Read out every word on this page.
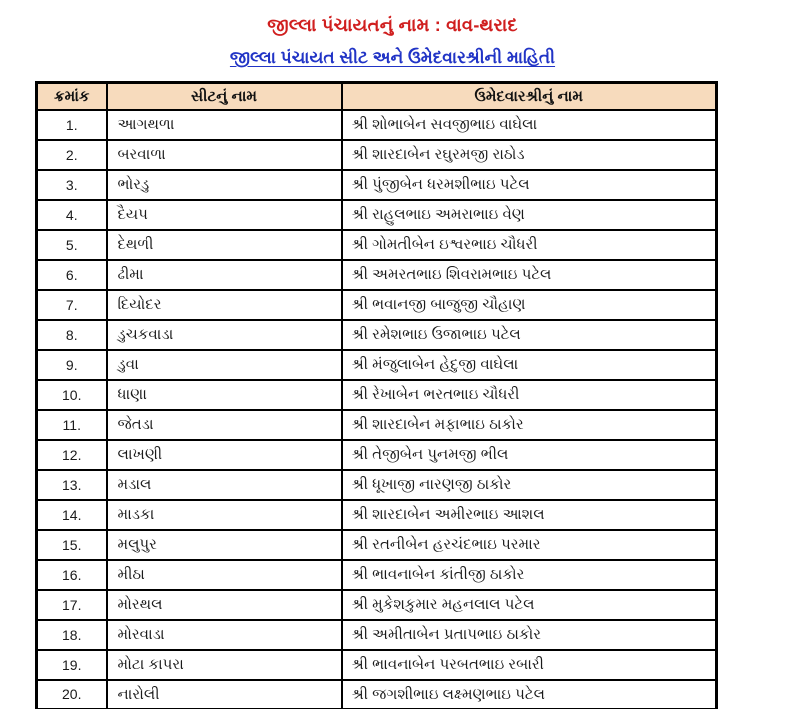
જીલ્લા પંચાયતનું નામ : વાવ-થરાદ
જીલ્લા પંચાયત સીટ અને ઉમેદવારશ્રીની માહિતી
ક્રમાંક	સીટનું નામ	ઉમેદવારશ્રીનું નામ
1.	આગથળા	શ્રી શોભાબેન સવજીભાઇ વાઘેલા
2.	બરવાળા	શ્રી શારદાબેન રઘુરમજી રાઠોડ
3.	ભોરડુ	શ્રી પુંજીબેન ધરમશીભાઇ પટેલ
4.	દૈયપ	શ્રી રાહુલભાઇ અમરાભાઇ વેણ
5.	દેથળી	શ્રી ગોમતીબેન ઇશ્વરભાઇ ચૌધરી
6.	ઢીમા	શ્રી અમરતભાઇ શિવરામભાઇ પટેલ
7.	દિયોદર	શ્રી ભવાનજી બાજુજી ચૌહાણ
8.	ડુચકવાડા	શ્રી રમેશભાઇ ઉજાભાઇ પટેલ
9.	ડુવા	શ્રી મંજુલાબેન હેદુજી વાઘેલા
10.	ધાણા	શ્રી રેખાબેન ભરતભાઇ ચૌધરી
11.	જેતડા	શ્રી શારદાબેન મફાભાઇ ઠાકોર
12.	લાખણી	શ્રી તેજીબેન પુનમજી ભીલ
13.	મડાલ	શ્રી ધૂખાજી નારણજી ઠાકોર
14.	માડકા	શ્રી શારદાબેન અમીરભાઇ આશલ
15.	મલુપુર	શ્રી રતનીબેન હરચંદભાઇ પરમાર
16.	મીઠા	શ્રી ભાવનાબેન કાંતીજી ઠાકોર
17.	મોરથલ	શ્રી મુકેશકુમાર મહનલાલ પટેલ
18.	મોરવાડા	શ્રી અમીતાબેન પ્રતાપભાઇ ઠાકોર
19.	મોટા કાપરા	શ્રી ભાવનાબેન પરબતભાઇ રબારી
20.	નારોલી	શ્રી જગશીભાઇ લક્ષ્મણભાઇ પટેલ
